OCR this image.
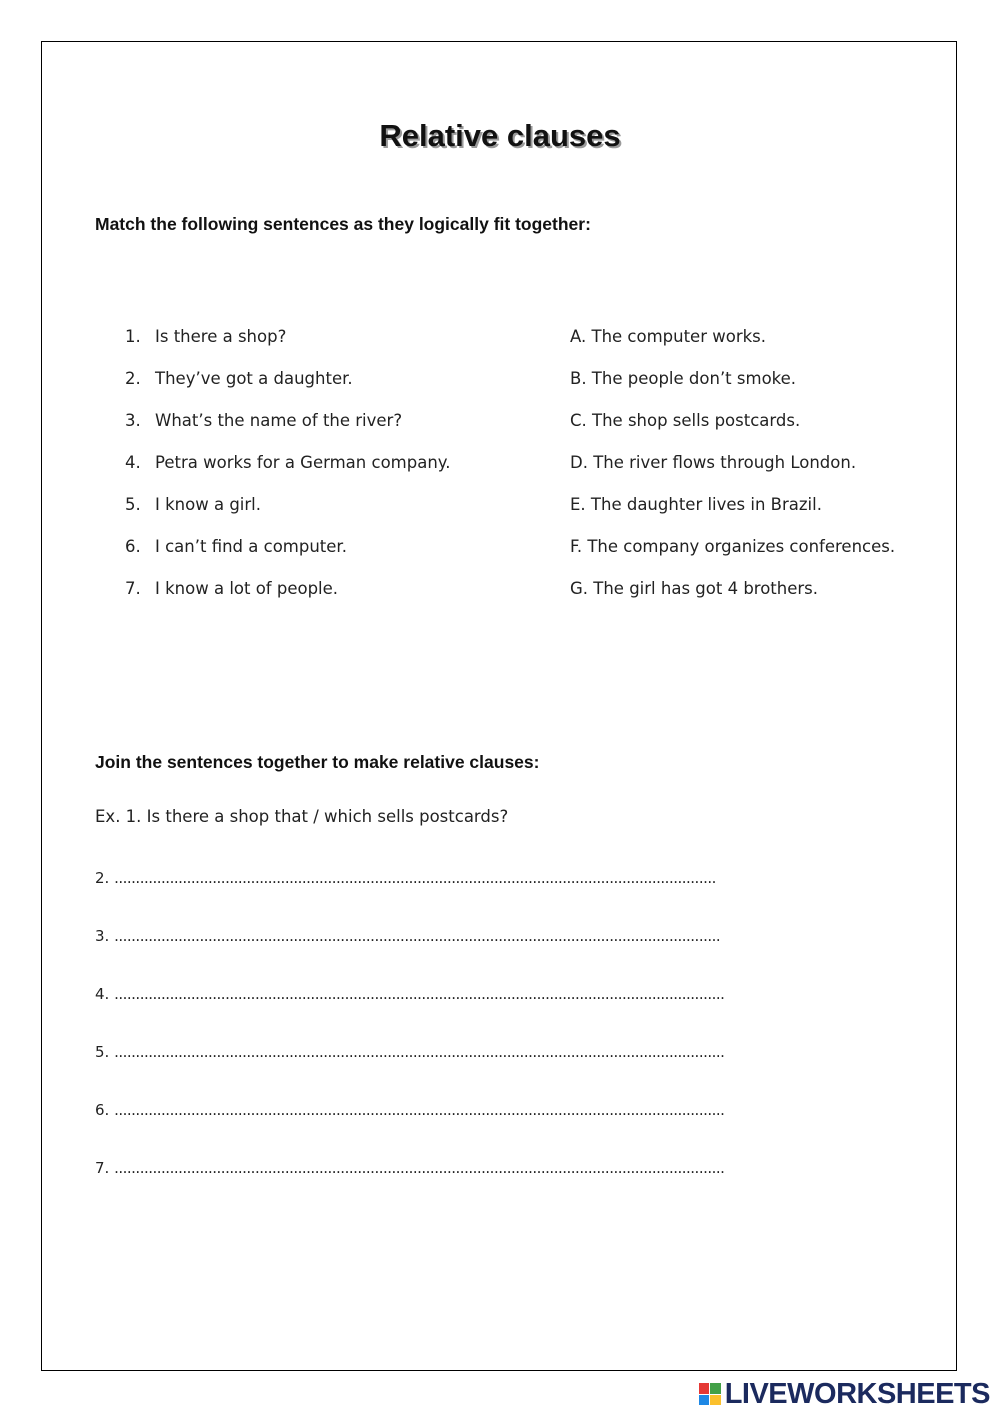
Relative clauses
Match the following sentences as they logically fit together:
1. Is there a shop?
2. They’ve got a daughter.
3. What’s the name of the river?
4. Petra works for a German company.
5. I know a girl.
6. I can’t find a computer.
7. I know a lot of people.
A. The computer works.
B. The people don’t smoke.
C. The shop sells postcards.
D. The river flows through London.
E. The daughter lives in Brazil.
F. The company organizes conferences.
G. The girl has got 4 brothers.
Join the sentences together to make relative clauses:
Ex. 1. Is there a shop that / which sells postcards?
2. .............................................................................................................................................
3. ..............................................................................................................................................
4. ...............................................................................................................................................
5. ...............................................................................................................................................
6. ...............................................................................................................................................
7. ...............................................................................................................................................
LIVEWORKSHEETS
